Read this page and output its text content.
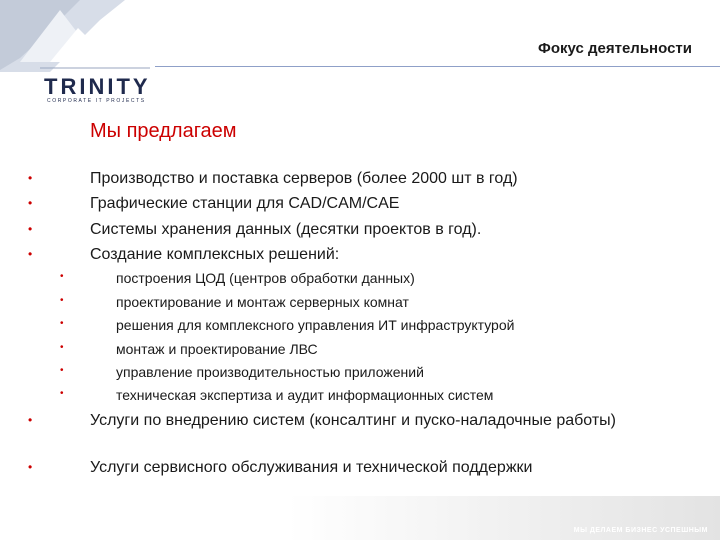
TRINITY
CORPORATE IT PROJECTS
Фокус деятельности
Мы предлагаем
•	Производство и поставка серверов (более 2000 шт в год)
•	Графические станции для CAD/CAM/CAE
•	Системы хранения данных (десятки проектов в год).
•	Создание комплексных решений:
•	построения ЦОД (центров обработки данных)
•	проектирование и монтаж серверных комнат
•	решения для комплексного управления ИТ инфраструктурой
•	монтаж и проектирование ЛВС
•	управление производительностью приложений
•	техническая экспертиза и аудит информационных систем
•	Услуги по внедрению систем (консалтинг и пуско-наладочные работы)
•	Услуги сервисного обслуживания и технической поддержки
МЫ ДЕЛАЕМ БИЗНЕС УСПЕШНЫМ
